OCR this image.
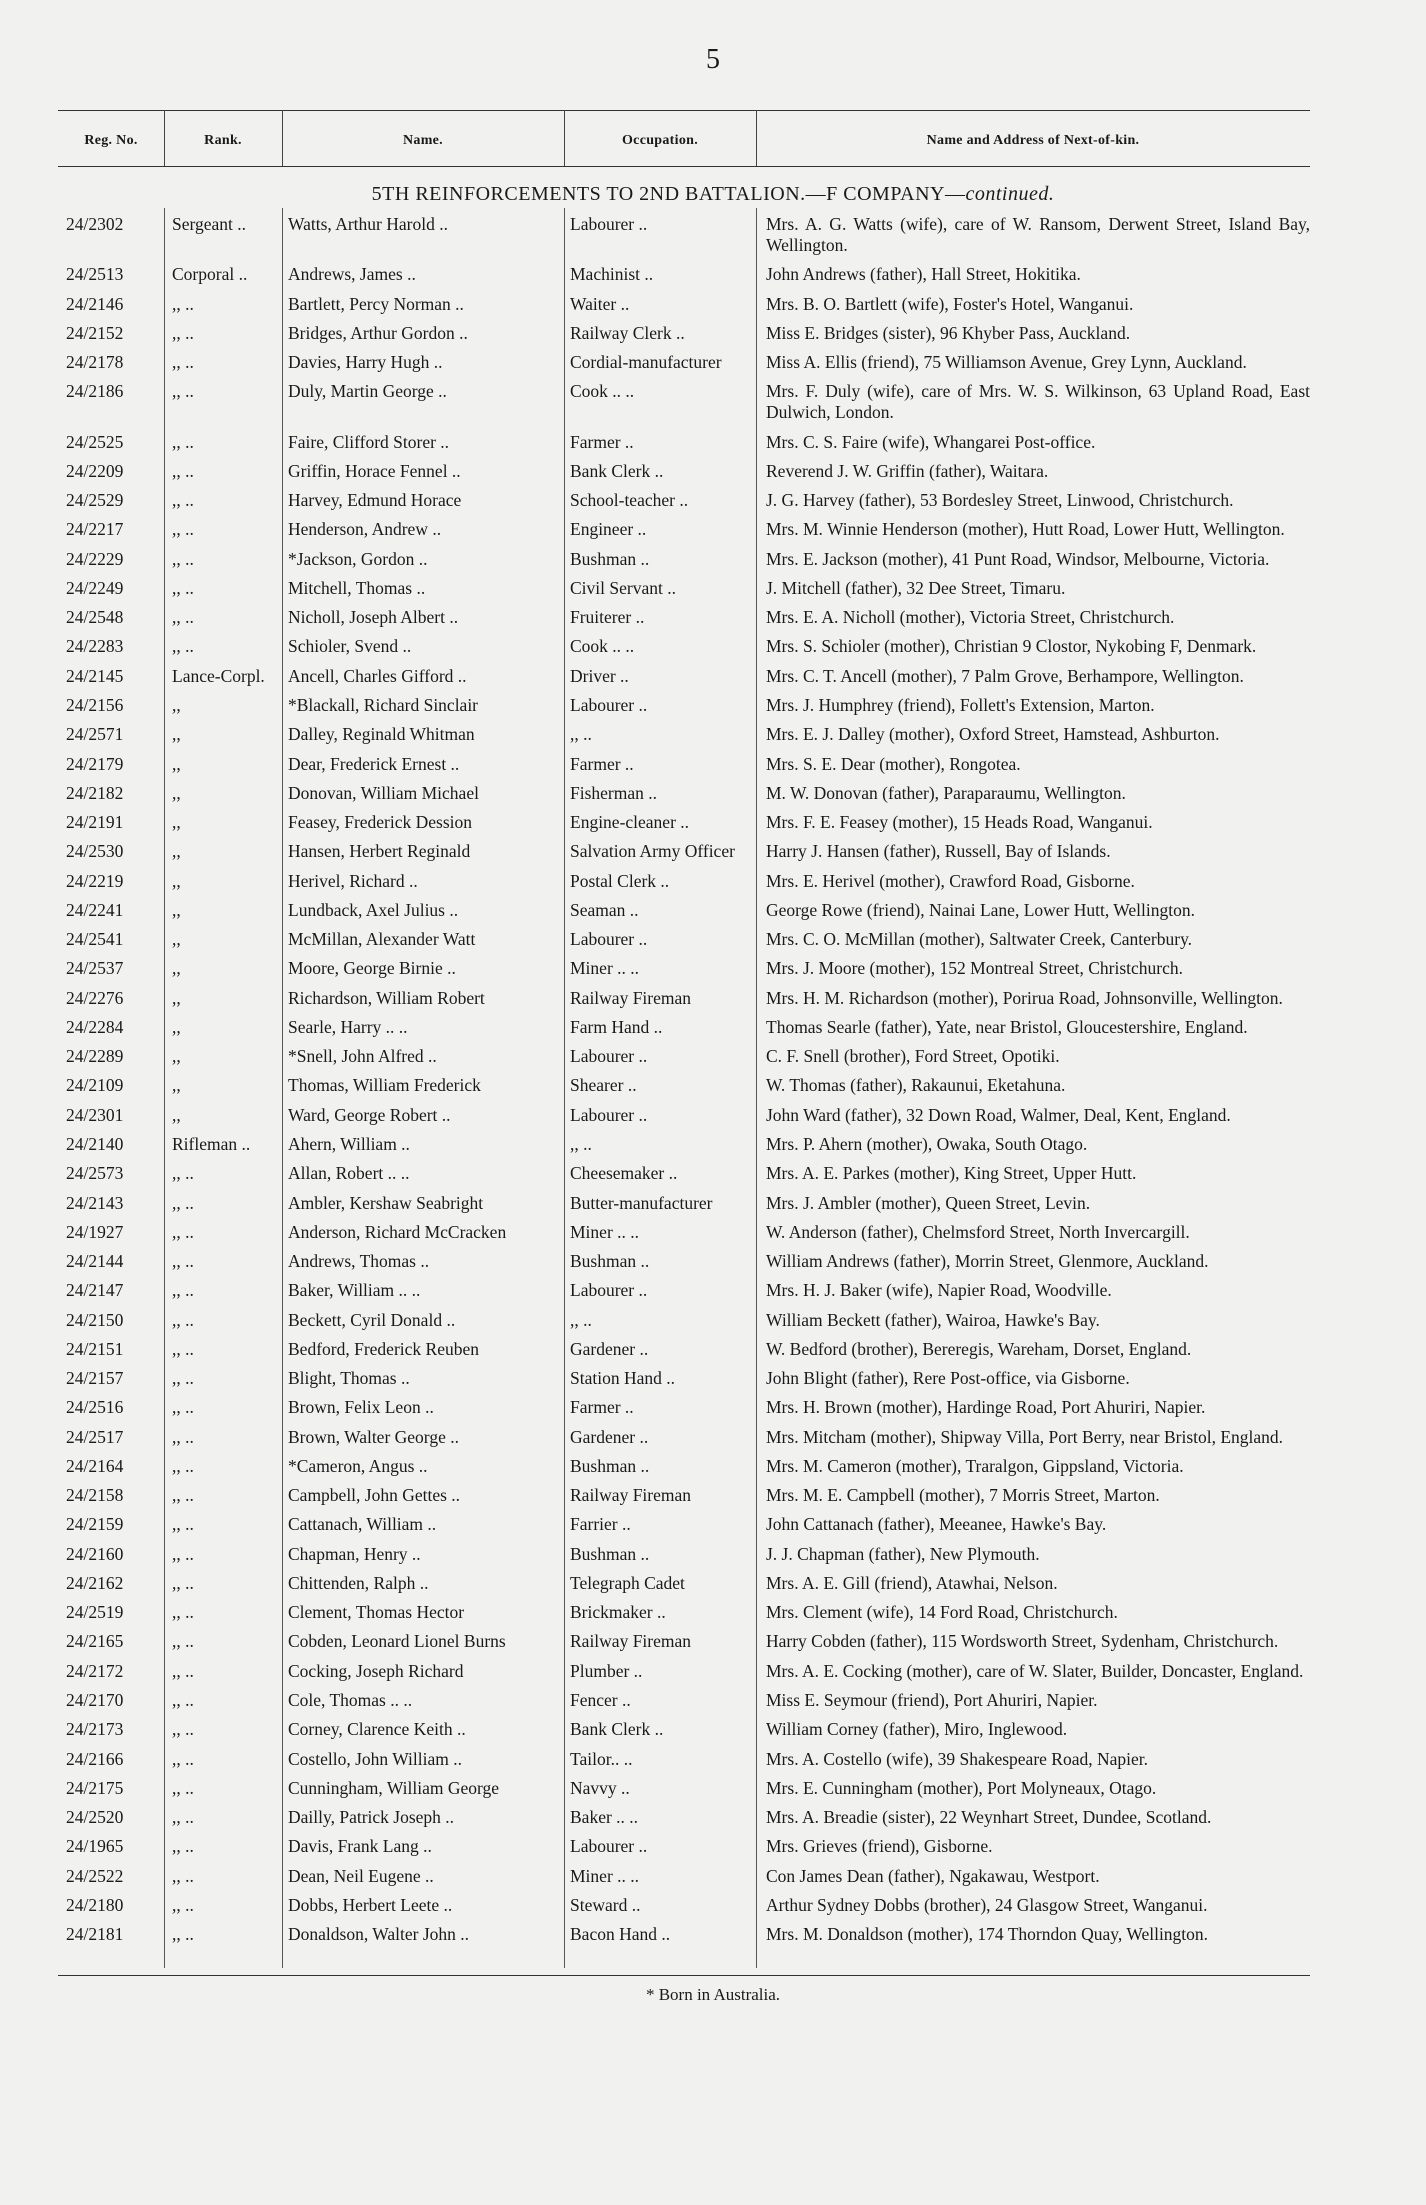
5
Reg. No.	Rank.	Name.	Occupation.	Name and Address of Next-of-kin.
5TH REINFORCEMENTS TO 2ND BATTALION.—F COMPANY—continued.
24/2302	Sergeant ..	Watts, Arthur Harold ..	Labourer ..	Mrs. A. G. Watts (wife), care of W. Ransom, Derwent Street, Island Bay, Wellington.
24/2513	Corporal ..	Andrews, James ..	Machinist ..	John Andrews (father), Hall Street, Hokitika.
24/2146	,, ..	Bartlett, Percy Norman ..	Waiter ..	Mrs. B. O. Bartlett (wife), Foster's Hotel, Wanganui.
24/2152	,, ..	Bridges, Arthur Gordon ..	Railway Clerk ..	Miss E. Bridges (sister), 96 Khyber Pass, Auckland.
24/2178	,, ..	Davies, Harry Hugh ..	Cordial-manufacturer	Miss A. Ellis (friend), 75 Williamson Avenue, Grey Lynn, Auckland.
24/2186	,, ..	Duly, Martin George ..	Cook .. ..	Mrs. F. Duly (wife), care of Mrs. W. S. Wilkinson, 63 Upland Road, East Dulwich, London.
24/2525	,, ..	Faire, Clifford Storer ..	Farmer ..	Mrs. C. S. Faire (wife), Whangarei Post-office.
24/2209	,, ..	Griffin, Horace Fennel ..	Bank Clerk ..	Reverend J. W. Griffin (father), Waitara.
24/2529	,, ..	Harvey, Edmund Horace	School-teacher ..	J. G. Harvey (father), 53 Bordesley Street, Linwood, Christchurch.
24/2217	,, ..	Henderson, Andrew ..	Engineer ..	Mrs. M. Winnie Henderson (mother), Hutt Road, Lower Hutt, Wellington.
24/2229	,, ..	*Jackson, Gordon ..	Bushman ..	Mrs. E. Jackson (mother), 41 Punt Road, Windsor, Melbourne, Victoria.
24/2249	,, ..	Mitchell, Thomas ..	Civil Servant ..	J. Mitchell (father), 32 Dee Street, Timaru.
24/2548	,, ..	Nicholl, Joseph Albert ..	Fruiterer ..	Mrs. E. A. Nicholl (mother), Victoria Street, Christchurch.
24/2283	,, ..	Schioler, Svend ..	Cook .. ..	Mrs. S. Schioler (mother), Christian 9 Clostor, Nykobing F, Denmark.
24/2145	Lance-Corpl.	Ancell, Charles Gifford ..	Driver ..	Mrs. C. T. Ancell (mother), 7 Palm Grove, Berhampore, Wellington.
24/2156	,,	*Blackall, Richard Sinclair	Labourer ..	Mrs. J. Humphrey (friend), Follett's Extension, Marton.
24/2571	,,	Dalley, Reginald Whitman	,, ..	Mrs. E. J. Dalley (mother), Oxford Street, Hamstead, Ashburton.
24/2179	,,	Dear, Frederick Ernest ..	Farmer ..	Mrs. S. E. Dear (mother), Rongotea.
24/2182	,,	Donovan, William Michael	Fisherman ..	M. W. Donovan (father), Paraparaumu, Wellington.
24/2191	,,	Feasey, Frederick Dession	Engine-cleaner ..	Mrs. F. E. Feasey (mother), 15 Heads Road, Wanganui.
24/2530	,,	Hansen, Herbert Reginald	Salvation Army Officer	Harry J. Hansen (father), Russell, Bay of Islands.
24/2219	,,	Herivel, Richard ..	Postal Clerk ..	Mrs. E. Herivel (mother), Crawford Road, Gisborne.
24/2241	,,	Lundback, Axel Julius ..	Seaman ..	George Rowe (friend), Nainai Lane, Lower Hutt, Wellington.
24/2541	,,	McMillan, Alexander Watt	Labourer ..	Mrs. C. O. McMillan (mother), Saltwater Creek, Canterbury.
24/2537	,,	Moore, George Birnie ..	Miner .. ..	Mrs. J. Moore (mother), 152 Montreal Street, Christchurch.
24/2276	,,	Richardson, William Robert	Railway Fireman	Mrs. H. M. Richardson (mother), Porirua Road, Johnsonville, Wellington.
24/2284	,,	Searle, Harry .. ..	Farm Hand ..	Thomas Searle (father), Yate, near Bristol, Gloucestershire, England.
24/2289	,,	*Snell, John Alfred ..	Labourer ..	C. F. Snell (brother), Ford Street, Opotiki.
24/2109	,,	Thomas, William Frederick	Shearer ..	W. Thomas (father), Rakaunui, Eketahuna.
24/2301	,,	Ward, George Robert ..	Labourer ..	John Ward (father), 32 Down Road, Walmer, Deal, Kent, England.
24/2140	Rifleman ..	Ahern, William ..	,, ..	Mrs. P. Ahern (mother), Owaka, South Otago.
24/2573	,, ..	Allan, Robert .. ..	Cheesemaker ..	Mrs. A. E. Parkes (mother), King Street, Upper Hutt.
24/2143	,, ..	Ambler, Kershaw Seabright	Butter-manufacturer	Mrs. J. Ambler (mother), Queen Street, Levin.
24/1927	,, ..	Anderson, Richard McCracken	Miner .. ..	W. Anderson (father), Chelmsford Street, North Invercargill.
24/2144	,, ..	Andrews, Thomas ..	Bushman ..	William Andrews (father), Morrin Street, Glenmore, Auckland.
24/2147	,, ..	Baker, William .. ..	Labourer ..	Mrs. H. J. Baker (wife), Napier Road, Woodville.
24/2150	,, ..	Beckett, Cyril Donald ..	,, ..	William Beckett (father), Wairoa, Hawke's Bay.
24/2151	,, ..	Bedford, Frederick Reuben	Gardener ..	W. Bedford (brother), Bereregis, Wareham, Dorset, England.
24/2157	,, ..	Blight, Thomas ..	Station Hand ..	John Blight (father), Rere Post-office, via Gisborne.
24/2516	,, ..	Brown, Felix Leon ..	Farmer ..	Mrs. H. Brown (mother), Hardinge Road, Port Ahuriri, Napier.
24/2517	,, ..	Brown, Walter George ..	Gardener ..	Mrs. Mitcham (mother), Shipway Villa, Port Berry, near Bristol, England.
24/2164	,, ..	*Cameron, Angus ..	Bushman ..	Mrs. M. Cameron (mother), Traralgon, Gippsland, Victoria.
24/2158	,, ..	Campbell, John Gettes ..	Railway Fireman	Mrs. M. E. Campbell (mother), 7 Morris Street, Marton.
24/2159	,, ..	Cattanach, William ..	Farrier ..	John Cattanach (father), Meeanee, Hawke's Bay.
24/2160	,, ..	Chapman, Henry ..	Bushman ..	J. J. Chapman (father), New Plymouth.
24/2162	,, ..	Chittenden, Ralph ..	Telegraph Cadet	Mrs. A. E. Gill (friend), Atawhai, Nelson.
24/2519	,, ..	Clement, Thomas Hector	Brickmaker ..	Mrs. Clement (wife), 14 Ford Road, Christchurch.
24/2165	,, ..	Cobden, Leonard Lionel Burns	Railway Fireman	Harry Cobden (father), 115 Wordsworth Street, Sydenham, Christchurch.
24/2172	,, ..	Cocking, Joseph Richard	Plumber ..	Mrs. A. E. Cocking (mother), care of W. Slater, Builder, Doncaster, England.
24/2170	,, ..	Cole, Thomas .. ..	Fencer ..	Miss E. Seymour (friend), Port Ahuriri, Napier.
24/2173	,, ..	Corney, Clarence Keith ..	Bank Clerk ..	William Corney (father), Miro, Inglewood.
24/2166	,, ..	Costello, John William ..	Tailor.. ..	Mrs. A. Costello (wife), 39 Shakespeare Road, Napier.
24/2175	,, ..	Cunningham, William George	Navvy ..	Mrs. E. Cunningham (mother), Port Molyneaux, Otago.
24/2520	,, ..	Dailly, Patrick Joseph ..	Baker .. ..	Mrs. A. Breadie (sister), 22 Weynhart Street, Dundee, Scotland.
24/1965	,, ..	Davis, Frank Lang ..	Labourer ..	Mrs. Grieves (friend), Gisborne.
24/2522	,, ..	Dean, Neil Eugene ..	Miner .. ..	Con James Dean (father), Ngakawau, Westport.
24/2180	,, ..	Dobbs, Herbert Leete ..	Steward ..	Arthur Sydney Dobbs (brother), 24 Glasgow Street, Wanganui.
24/2181	,, ..	Donaldson, Walter John ..	Bacon Hand ..	Mrs. M. Donaldson (mother), 174 Thorndon Quay, Wellington.
* Born in Australia.
